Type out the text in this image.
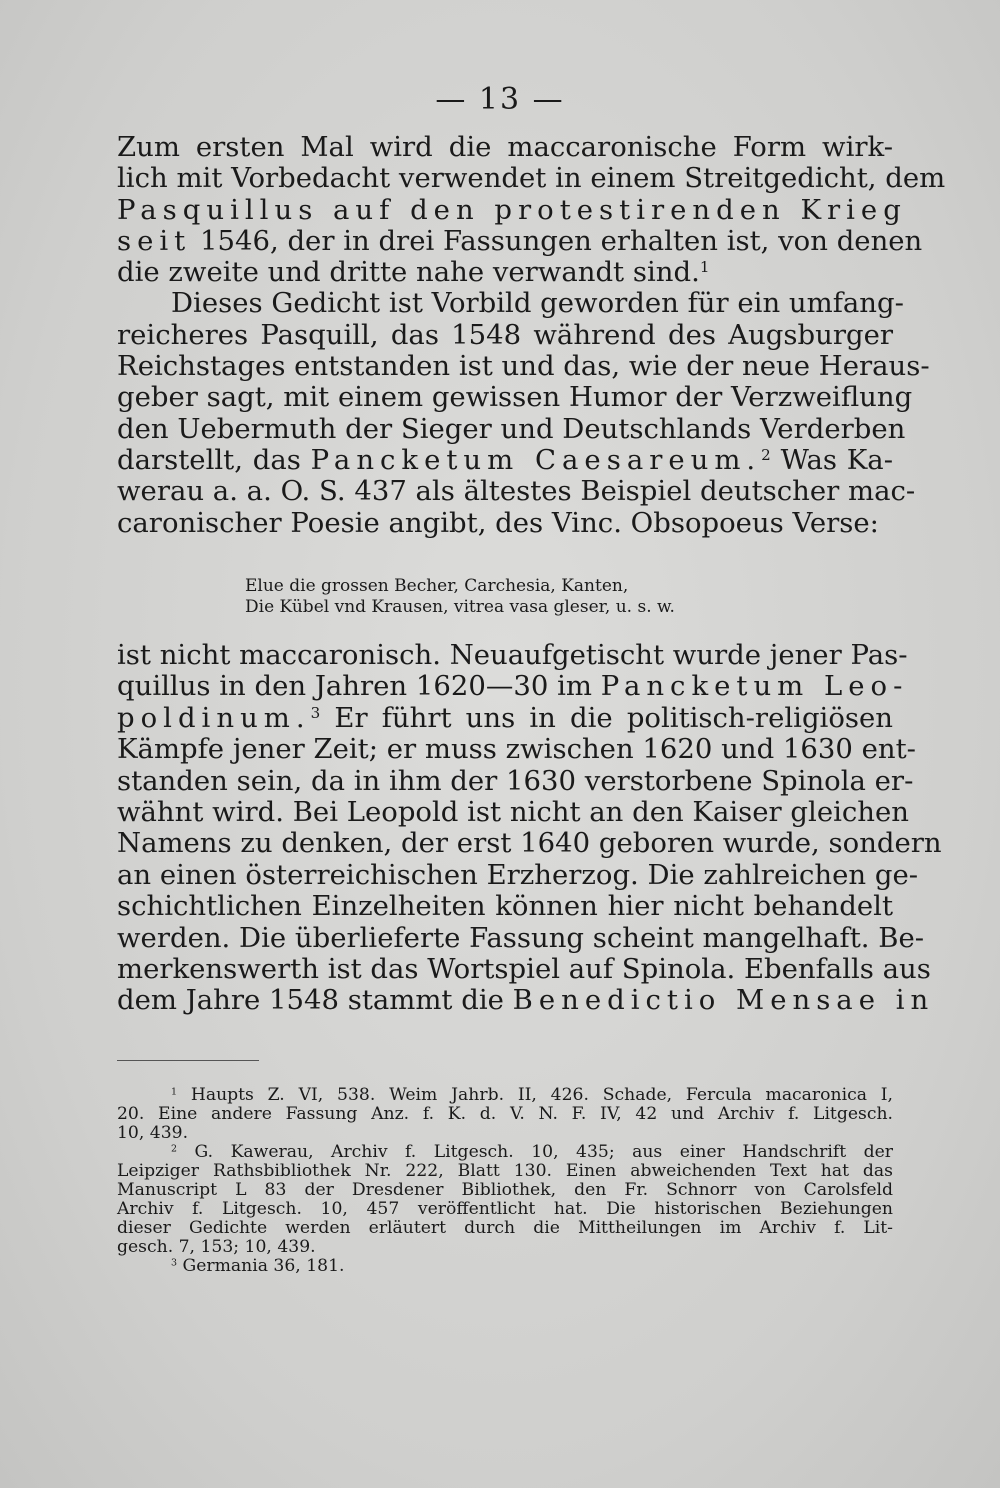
— 13 —
Zum ersten Mal wird die maccaronische Form wirk-
lich mit Vorbedacht verwendet in einem Streitgedicht, dem
Pasquillus auf den protestirenden Krieg
seit 1546, der in drei Fassungen erhalten ist, von denen
die zweite und dritte nahe verwandt sind.$^1$
Dieses Gedicht ist Vorbild geworden für ein umfang-
reicheres Pasquill, das 1548 während des Augsburger
Reichstages entstanden ist und das, wie der neue Heraus-
geber sagt, mit einem gewissen Humor der Verzweiflung
den Uebermuth der Sieger und Deutschlands Verderben
darstellt, das Pancketum Caesareum.$^2$ Was Ka-
werau a. a. O. S. 437 als ältestes Beispiel deutscher mac-
caronischer Poesie angibt, des Vinc. Obsopoeus Verse:
Elue die grossen Becher, Carchesia, Kanten,
Die Kübel vnd Krausen, vitrea vasa gleser, u. s. w.
ist nicht maccaronisch. Neuaufgetischt wurde jener Pas-
quillus in den Jahren 1620—30 im Pancketum Leo-
poldinum.$^3$ Er führt uns in die politisch-religiösen
Kämpfe jener Zeit; er muss zwischen 1620 und 1630 ent-
standen sein, da in ihm der 1630 verstorbene Spinola er-
wähnt wird. Bei Leopold ist nicht an den Kaiser gleichen
Namens zu denken, der erst 1640 geboren wurde, sondern
an einen österreichischen Erzherzog. Die zahlreichen ge-
schichtlichen Einzelheiten können hier nicht behandelt
werden. Die überlieferte Fassung scheint mangelhaft. Be-
merkenswerth ist das Wortspiel auf Spinola. Ebenfalls aus
dem Jahre 1548 stammt die Benedictio Mensae in
$^1$ Haupts Z. VI, 538. Weim Jahrb. II, 426. Schade, Fercula macaronica I,
20. Eine andere Fassung Anz. f. K. d. V. N. F. IV, 42 und Archiv f. Litgesch.
10, 439.
$^2$ G. Kawerau, Archiv f. Litgesch. 10, 435; aus einer Handschrift der
Leipziger Rathsbibliothek Nr. 222, Blatt 130. Einen abweichenden Text hat das
Manuscript L 83 der Dresdener Bibliothek, den Fr. Schnorr von Carolsfeld
Archiv f. Litgesch. 10, 457 veröffentlicht hat. Die historischen Beziehungen
dieser Gedichte werden erläutert durch die Mittheilungen im Archiv f. Lit-
gesch. 7, 153; 10, 439.
$^3$ Germania 36, 181.
